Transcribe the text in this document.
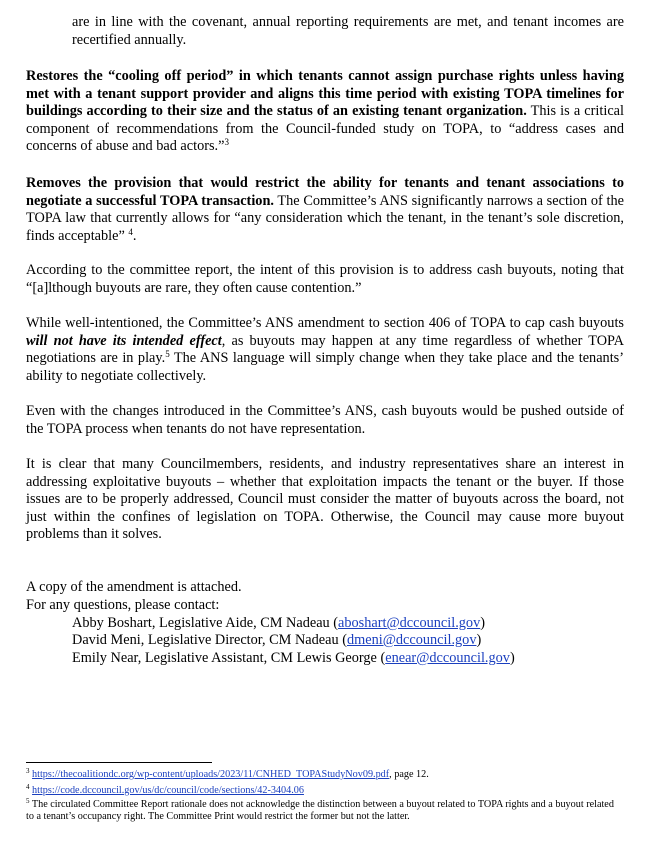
are in line with the covenant, annual reporting requirements are met, and tenant incomes are recertified annually.

Restores the “cooling off period” in which tenants cannot assign purchase rights unless having met with a tenant support provider and aligns this time period with existing TOPA timelines for buildings according to their size and the status of an existing tenant organization. This is a critical component of recommendations from the Council-funded study on TOPA, to “address cases and concerns of abuse and bad actors.”$^3$

Removes the provision that would restrict the ability for tenants and tenant associations to negotiate a successful TOPA transaction. The Committee’s ANS significantly narrows a section of the TOPA law that currently allows for “any consideration which the tenant, in the tenant’s sole discretion, finds acceptable” $^4$.

According to the committee report, the intent of this provision is to address cash buyouts, noting that “[a]lthough buyouts are rare, they often cause contention.”

While well-intentioned, the Committee’s ANS amendment to section 406 of TOPA to cap cash buyouts will not have its intended effect, as buyouts may happen at any time regardless of whether TOPA negotiations are in play.$^5$ The ANS language will simply change when they take place and the tenants’ ability to negotiate collectively.

Even with the changes introduced in the Committee’s ANS, cash buyouts would be pushed outside of the TOPA process when tenants do not have representation.

It is clear that many Councilmembers, residents, and industry representatives share an interest in addressing exploitative buyouts – whether that exploitation impacts the tenant or the buyer. If those issues are to be properly addressed, Council must consider the matter of buyouts across the board, not just within the confines of legislation on TOPA. Otherwise, the Council may cause more buyout problems than it solves.

A copy of the amendment is attached.
For any questions, please contact:
Abby Boshart, Legislative Aide, CM Nadeau (aboshart@dccouncil.gov)
David Meni, Legislative Director, CM Nadeau (dmeni@dccouncil.gov)
Emily Near, Legislative Assistant, CM Lewis George (enear@dccouncil.gov)

$^3$ https://thecoalitiondc.org/wp-content/uploads/2023/11/CNHED_TOPAStudyNov09.pdf, page 12.

$^4$ https://code.dccouncil.gov/us/dc/council/code/sections/42-3404.06

$^5$ The circulated Committee Report rationale does not acknowledge the distinction between a buyout related to TOPA rights and a buyout related to a tenant’s occupancy right. The Committee Print would restrict the former but not the latter.
